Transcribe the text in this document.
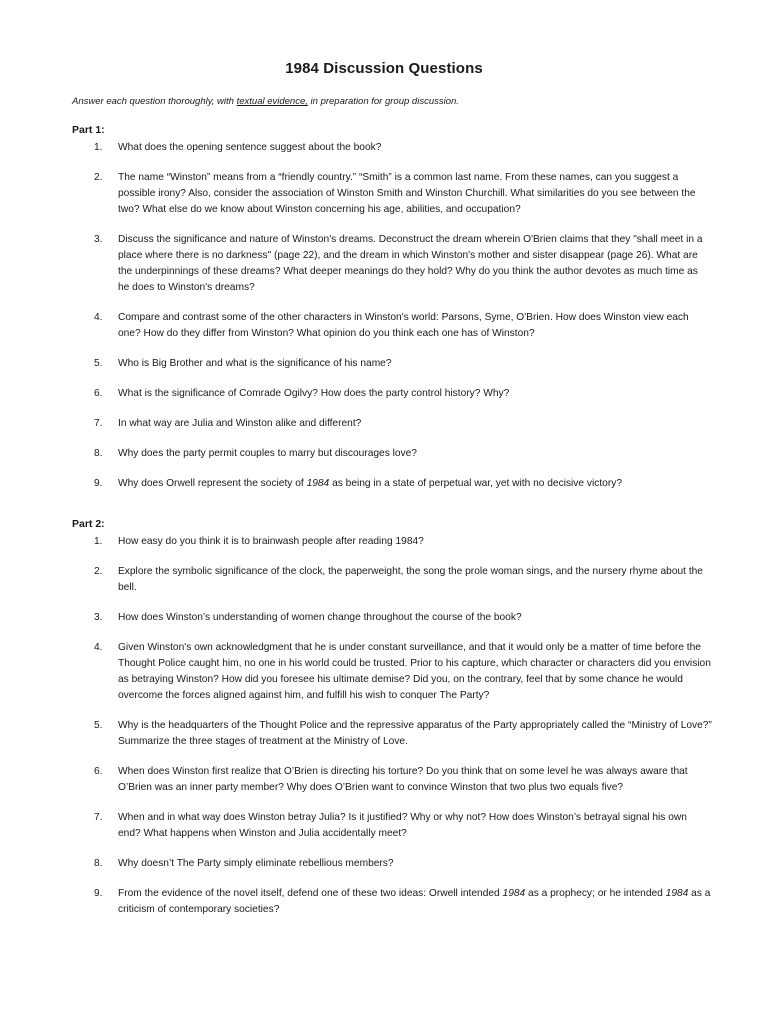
1984 Discussion Questions
Answer each question thoroughly, with textual evidence, in preparation for group discussion.
Part 1:
1. What does the opening sentence suggest about the book?
2. The name “Winston” means from a “friendly country.” “Smith” is a common last name. From these names, can you suggest a possible irony? Also, consider the association of Winston Smith and Winston Churchill. What similarities do you see between the two? What else do we know about Winston concerning his age, abilities, and occupation?
3. Discuss the significance and nature of Winston's dreams. Deconstruct the dream wherein O'Brien claims that they "shall meet in a place where there is no darkness" (page 22), and the dream in which Winston's mother and sister disappear (page 26). What are the underpinnings of these dreams? What deeper meanings do they hold? Why do you think the author devotes as much time as he does to Winston's dreams?
4. Compare and contrast some of the other characters in Winston's world: Parsons, Syme, O'Brien. How does Winston view each one? How do they differ from Winston? What opinion do you think each one has of Winston?
5. Who is Big Brother and what is the significance of his name?
6. What is the significance of Comrade Ogilvy? How does the party control history? Why?
7. In what way are Julia and Winston alike and different?
8. Why does the party permit couples to marry but discourages love?
9. Why does Orwell represent the society of 1984 as being in a state of perpetual war, yet with no decisive victory?
Part 2:
1. How easy do you think it is to brainwash people after reading 1984?
2. Explore the symbolic significance of the clock, the paperweight, the song the prole woman sings, and the nursery rhyme about the bell.
3. How does Winston’s understanding of women change throughout the course of the book?
4. Given Winston's own acknowledgment that he is under constant surveillance, and that it would only be a matter of time before the Thought Police caught him, no one in his world could be trusted. Prior to his capture, which character or characters did you envision as betraying Winston? How did you foresee his ultimate demise? Did you, on the contrary, feel that by some chance he would overcome the forces aligned against him, and fulfill his wish to conquer The Party?
5. Why is the headquarters of the Thought Police and the repressive apparatus of the Party appropriately called the “Ministry of Love?” Summarize the three stages of treatment at the Ministry of Love.
6. When does Winston first realize that O’Brien is directing his torture? Do you think that on some level he was always aware that O’Brien was an inner party member? Why does O’Brien want to convince Winston that two plus two equals five?
7. When and in what way does Winston betray Julia? Is it justified? Why or why not? How does Winston’s betrayal signal his own end? What happens when Winston and Julia accidentally meet?
8. Why doesn’t The Party simply eliminate rebellious members?
9. From the evidence of the novel itself, defend one of these two ideas: Orwell intended 1984 as a prophecy; or he intended 1984 as a criticism of contemporary societies?
